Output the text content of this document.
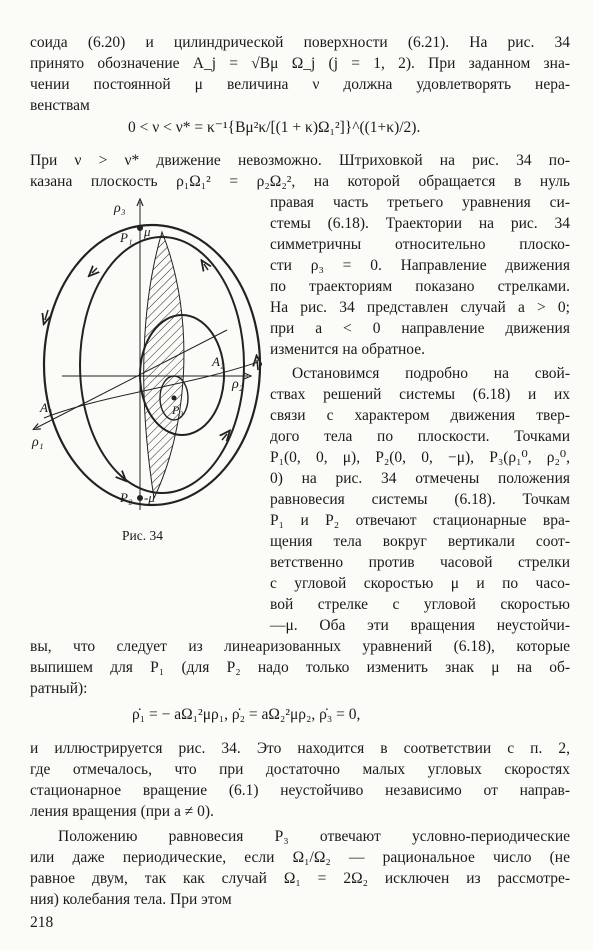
соида (6.20) и цилиндрической поверхности (6.21). На рис. 34
принято обозначение A_j = √Bμ Ω_j (j = 1, 2). При заданном зна-
чении постоянной μ величина ν должна удовлетворять нера-
венствам
0 < ν < ν* = κ⁻¹{Bμ²κ/[(1 + κ)Ω₁²]}^((1+κ)/2).
При ν > ν* движение невозможно. Штриховкой на рис. 34 по-
казана плоскость ρ₁Ω₁² = ρ₂Ω₂², на которой обращается в нуль
правая часть третьего уравнения си-
стемы (6.18). Траектории на рис. 34
симметричны относительно плоско-
сти ρ₃ = 0. Направление движения
по траекториям показано стрелками.
На рис. 34 представлен случай a > 0;
при a < 0 направление движения
изменится на обратное.
Остановимся подробно на свой-
ствах решений системы (6.18) и их
связи с характером движения твер-
дого тела по плоскости. Точками
P₁(0, 0, μ), P₂(0, 0, −μ), P₃(ρ₁⁰, ρ₂⁰,
0) на рис. 34 отмечены положения
равновесия системы (6.18). Точкам
P₁ и P₂ отвечают стационарные вра-
щения тела вокруг вертикали соот-
ветственно против часовой стрелки
с угловой скоростью μ и по часо-
вой стрелке с угловой скоростью
—μ. Оба эти вращения неустойчи-
ρ₃
P₁ μ
A₂
ρ₂
A₁
ρ₁
P₃
P₂ -μ
Рис. 34
вы, что следует из линеаризованных уравнений (6.18), которые
выпишем для P₁ (для P₂ надо только изменить знак μ на об-
ратный):
ρ̇₁ = − aΩ₁²μρ₁, ρ̇₂ = aΩ₂²μρ₂, ρ̇₃ = 0,
и иллюстрируется рис. 34. Это находится в соответствии с п. 2,
где отмечалось, что при достаточно малых угловых скоростях
стационарное вращение (6.1) неустойчиво независимо от направ-
ления вращения (при a ≠ 0).
Положению равновесия P₃ отвечают условно-периодические
или даже периодические, если Ω₁/Ω₂ — рациональное число (не
равное двум, так как случай Ω₁ = 2Ω₂ исключен из рассмотре-
ния) колебания тела. При этом
218
